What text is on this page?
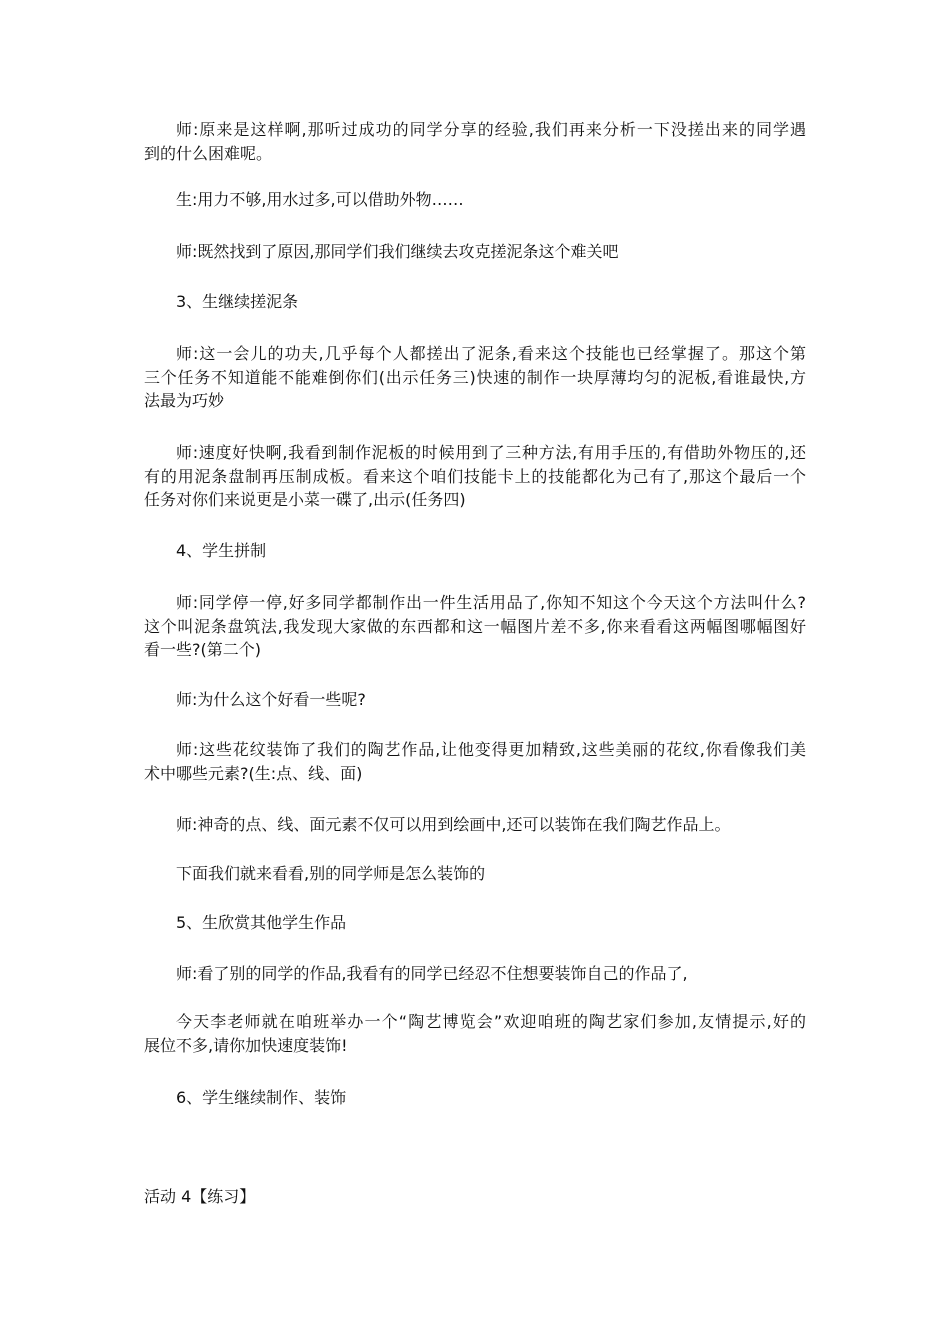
师:原来是这样啊,那听过成功的同学分享的经验,我们再来分析一下没搓出来的同学遇
到的什么困难呢。
生:用力不够,用水过多,可以借助外物……
师:既然找到了原因,那同学们我们继续去攻克搓泥条这个难关吧
3、生继续搓泥条
师:这一会儿的功夫,几乎每个人都搓出了泥条,看来这个技能也已经掌握了。那这个第
三个任务不知道能不能难倒你们(出示任务三)快速的制作一块厚薄均匀的泥板,看谁最快,方
法最为巧妙
师:速度好快啊,我看到制作泥板的时候用到了三种方法,有用手压的,有借助外物压的,还
有的用泥条盘制再压制成板。看来这个咱们技能卡上的技能都化为己有了,那这个最后一个
任务对你们来说更是小菜一碟了,出示(任务四)
4、学生拼制
师:同学停一停,好多同学都制作出一件生活用品了,你知不知这个今天这个方法叫什么?
这个叫泥条盘筑法,我发现大家做的东西都和这一幅图片差不多,你来看看这两幅图哪幅图好
看一些?(第二个)
师:为什么这个好看一些呢?
师:这些花纹装饰了我们的陶艺作品,让他变得更加精致,这些美丽的花纹,你看像我们美
术中哪些元素?(生:点、线、面)
师:神奇的点、线、面元素不仅可以用到绘画中,还可以装饰在我们陶艺作品上。
下面我们就来看看,别的同学师是怎么装饰的
5、生欣赏其他学生作品
师:看了别的同学的作品,我看有的同学已经忍不住想要装饰自己的作品了,
今天李老师就在咱班举办一个“陶艺博览会”欢迎咱班的陶艺家们参加,友情提示,好的
展位不多,请你加快速度装饰!
6、学生继续制作、装饰
活动 4【练习】
